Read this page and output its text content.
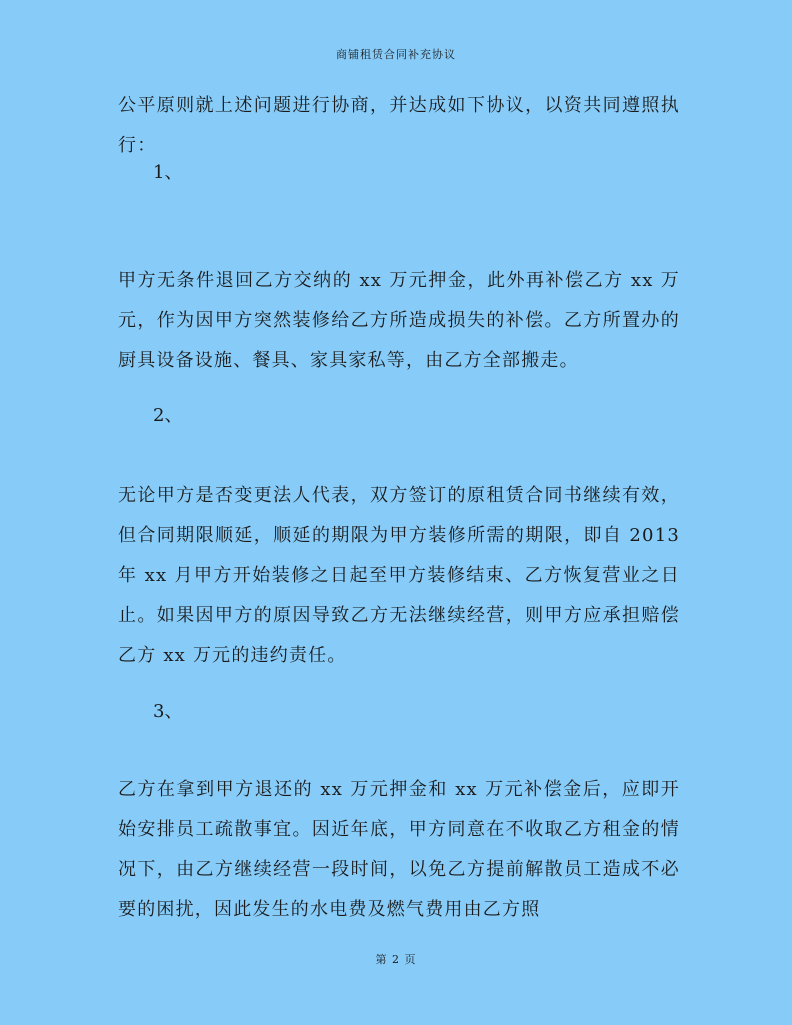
商铺租赁合同补充协议

公平原则就上述问题进行协商，并达成如下协议，以资共同遵照执行：

1、

甲方无条件退回乙方交纳的 xx 万元押金，此外再补偿乙方 xx 万元，作为因甲方突然装修给乙方所造成损失的补偿。乙方所置办的厨具设备设施、餐具、家具家私等，由乙方全部搬走。

2、

无论甲方是否变更法人代表，双方签订的原租赁合同书继续有效，但合同期限顺延，顺延的期限为甲方装修所需的期限，即自 2013 年 xx 月甲方开始装修之日起至甲方装修结束、乙方恢复营业之日止。如果因甲方的原因导致乙方无法继续经营，则甲方应承担赔偿乙方 xx 万元的违约责任。

3、

乙方在拿到甲方退还的 xx 万元押金和 xx 万元补偿金后，应即开始安排员工疏散事宜。因近年底，甲方同意在不收取乙方租金的情况下，由乙方继续经营一段时间，以免乙方提前解散员工造成不必要的困扰，因此发生的水电费及燃气费用由乙方照

第 2 页
